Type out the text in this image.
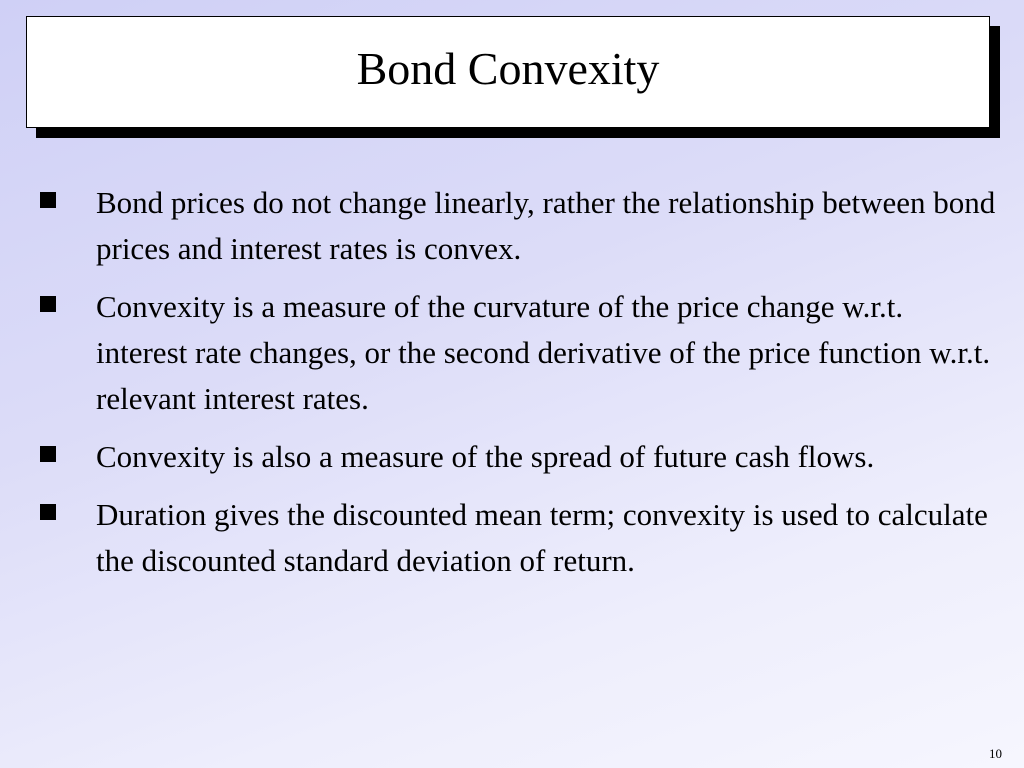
Bond Convexity
Bond prices do not change linearly, rather the relationship between bond prices and interest rates is convex.
Convexity is a measure of the curvature of the price change w.r.t. interest rate changes, or the second derivative of the price function w.r.t. relevant interest rates.
Convexity is also a measure of the spread of future cash flows.
Duration gives the discounted mean term; convexity is used to calculate the discounted standard deviation of return.
10
